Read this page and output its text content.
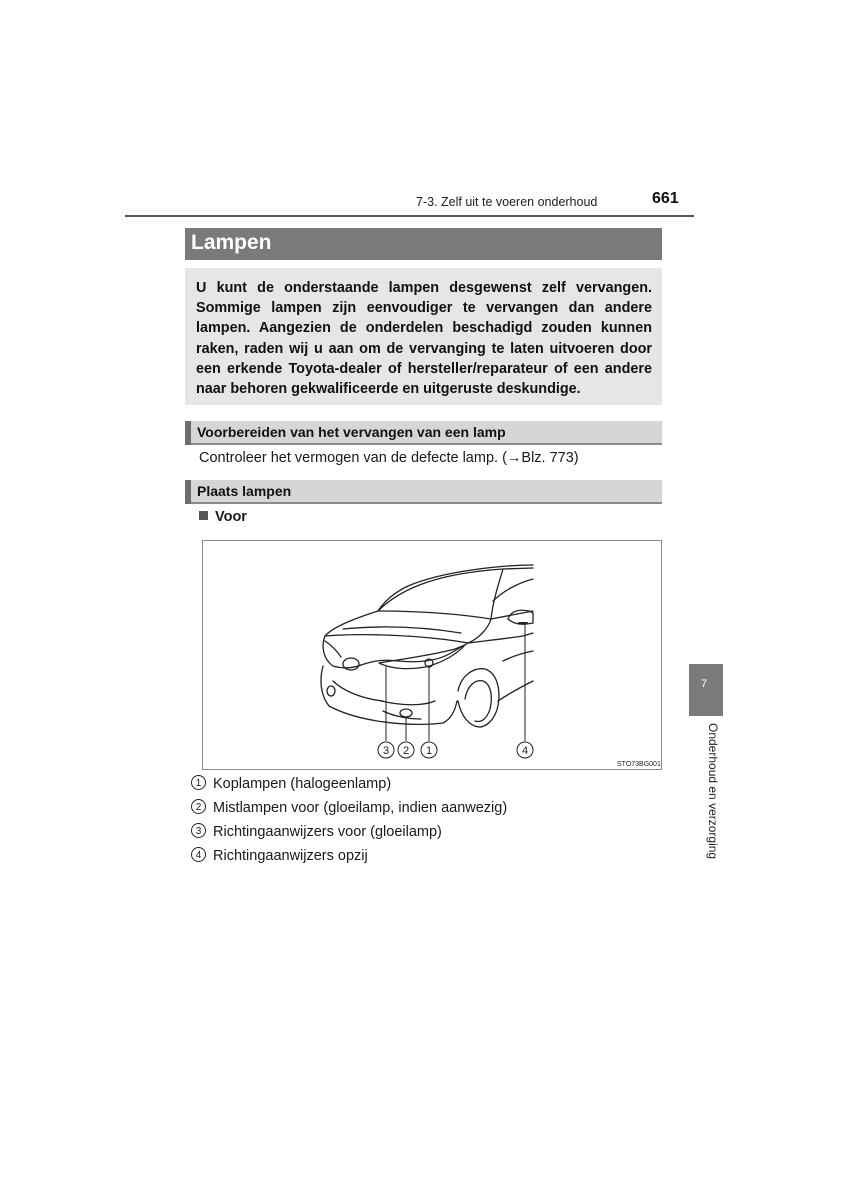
7-3. Zelf uit te voeren onderhoud	661
Lampen

U kunt de onderstaande lampen desgewenst zelf vervangen. Sommige lampen zijn eenvoudiger te vervangen dan andere lampen. Aangezien de onderdelen beschadigd zouden kunnen raken, raden wij u aan om de vervanging te laten uitvoeren door een erkende Toyota-dealer of hersteller/reparateur of een andere naar behoren gekwalificeerde en uitgeruste deskundige.

Voorbereiden van het vervangen van een lamp
Controleer het vermogen van de defecte lamp. (→Blz. 773)
Plaats lampen
Voor
3 2 1	4
STO73BG001
1 Koplampen (halogeenlamp)
2 Mistlampen voor (gloeilamp, indien aanwezig)
3 Richtingaanwijzers voor (gloeilamp)
4 Richtingaanwijzers opzij
7
Onderhoud en verzorging
